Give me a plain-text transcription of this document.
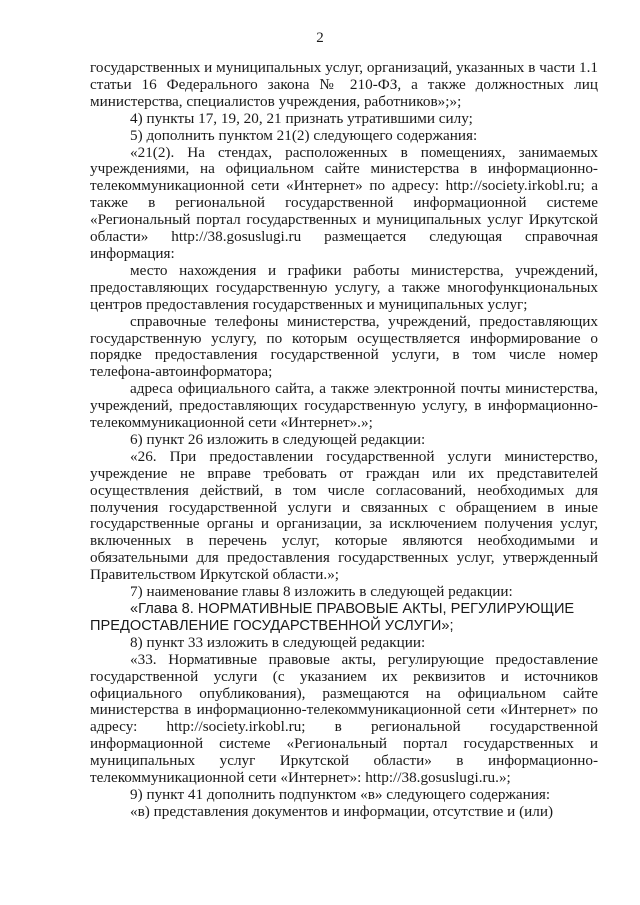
2

государственных и муниципальных услуг, организаций, указанных в части 1.1 статьи 16 Федерального закона № 210-ФЗ, а также должностных лиц министерства, специалистов учреждения, работников»;»;

4) пункты 17, 19, 20, 21 признать утратившими силу;

5) дополнить пунктом 21(2) следующего содержания:

«21(2). На стендах, расположенных в помещениях, занимаемых учреждениями, на официальном сайте министерства в информационно-телекоммуникационной сети «Интернет» по адресу: http://society.irkobl.ru; а также в региональной государственной информационной системе «Региональный портал государственных и муниципальных услуг Иркутской области» http://38.gosuslugi.ru размещается следующая справочная информация:

место нахождения и графики работы министерства, учреждений, предоставляющих государственную услугу, а также многофункциональных центров предоставления государственных и муниципальных услуг;

справочные телефоны министерства, учреждений, предоставляющих государственную услугу, по которым осуществляется информирование о порядке предоставления государственной услуги, в том числе номер телефона-автоинформатора;

адреса официального сайта, а также электронной почты министерства, учреждений, предоставляющих государственную услугу, в информационно-телекоммуникационной сети «Интернет».»;

6) пункт 26 изложить в следующей редакции:

«26. При предоставлении государственной услуги министерство, учреждение не вправе требовать от граждан или их представителей осуществления действий, в том числе согласований, необходимых для получения государственной услуги и связанных с обращением в иные государственные органы и организации, за исключением получения услуг, включенных в перечень услуг, которые являются необходимыми и обязательными для предоставления государственных услуг, утвержденный Правительством Иркутской области.»;

7) наименование главы 8 изложить в следующей редакции:

«Глава 8. НОРМАТИВНЫЕ ПРАВОВЫЕ АКТЫ, РЕГУЛИРУЮЩИЕ ПРЕДОСТАВЛЕНИЕ ГОСУДАРСТВЕННОЙ УСЛУГИ»;

8) пункт 33 изложить в следующей редакции:

«33. Нормативные правовые акты, регулирующие предоставление государственной услуги (с указанием их реквизитов и источников официального опубликования), размещаются на официальном сайте министерства в информационно-телекоммуникационной сети «Интернет» по адресу: http://society.irkobl.ru; в региональной государственной информационной системе «Региональный портал государственных и муниципальных услуг Иркутской области» в информационно-телекоммуникационной сети «Интернет»: http://38.gosuslugi.ru.»;

9) пункт 41 дополнить подпунктом «в» следующего содержания:

«в) представления документов и информации, отсутствие и (или)
